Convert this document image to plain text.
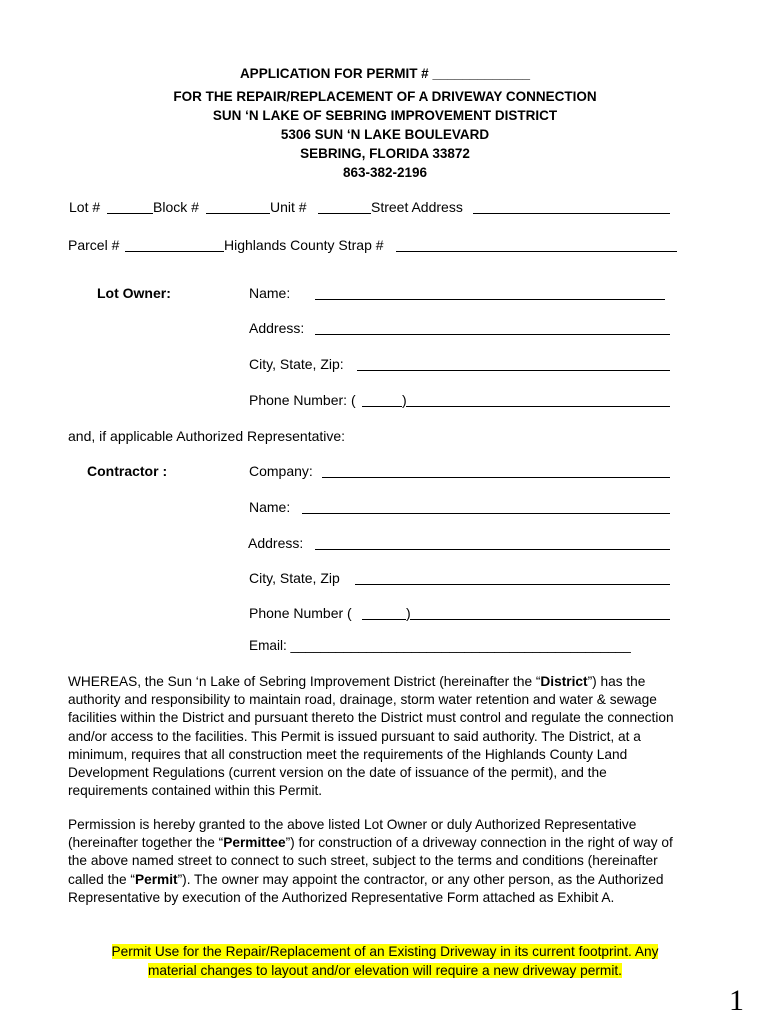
APPLICATION FOR PERMIT # _____________
FOR THE REPAIR/REPLACEMENT OF A DRIVEWAY CONNECTION
SUN ‘N LAKE OF SEBRING IMPROVEMENT DISTRICT
5306 SUN ‘N LAKE BOULEVARD
SEBRING, FLORIDA 33872
863-382-2196
Lot #	Block #	Unit #	Street Address
Parcel #	Highlands County Strap #
Lot Owner:	Name:
Address:
City, State, Zip:
Phone Number: (	)
and, if applicable Authorized Representative:
Contractor :	Company:
Name:
Address:
City, State, Zip
Phone Number (	)
Email: _____________________________________________

WHEREAS, the Sun ‘n Lake of Sebring Improvement District (hereinafter the “District”) has the authority and responsibility to maintain road, drainage, storm water retention and water & sewage facilities within the District and pursuant thereto the District must control and regulate the connection and/or access to the facilities. This Permit is issued pursuant to said authority. The District, at a minimum, requires that all construction meet the requirements of the Highlands County Land Development Regulations (current version on the date of issuance of the permit), and the requirements contained within this Permit.

Permission is hereby granted to the above listed Lot Owner or duly Authorized Representative (hereinafter together the “Permittee”) for construction of a driveway connection in the right of way of the above named street to connect to such street, subject to the terms and conditions (hereinafter called the “Permit”). The owner may appoint the contractor, or any other person, as the Authorized Representative by execution of the Authorized Representative Form attached as Exhibit A.

Permit Use for the Repair/Replacement of an Existing Driveway in its current footprint. Any
material changes to layout and/or elevation will require a new driveway permit.
1
